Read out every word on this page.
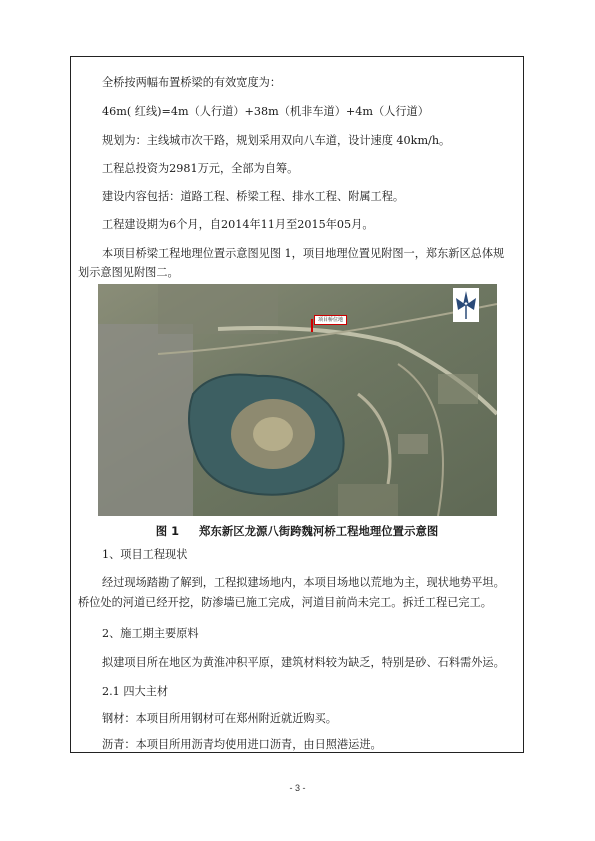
全桥按两幅布置桥梁的有效宽度为：
46m( 红线)=4m（人行道）+38m（机非车道）+4m（人行道）
规划为：主线城市次干路，规划采用双向八车道，设计速度 40km/h。
工程总投资为2981万元，全部为自筹。
建设内容包括：道路工程、桥梁工程、排水工程、附属工程。
工程建设期为6个月，自2014年11月至2015年05月。
本项目桥梁工程地理位置示意图见图 1，项目地理位置见附图一，郑东新区总体规
划示意图见附图二。
项目桥位地
图 1 郑东新区龙源八街跨魏河桥工程地理位置示意图
1、项目工程现状
经过现场踏勘了解到，工程拟建场地内，本项目场地以荒地为主，现状地势平坦。
桥位处的河道已经开挖，防渗墙已施工完成，河道目前尚未完工。拆迁工程已完工。
2、施工期主要原料
拟建项目所在地区为黄淮冲积平原，建筑材料较为缺乏，特别是砂、石料需外运。
2.1 四大主材
钢材：本项目所用钢材可在郑州附近就近购买。
沥青：本项目所用沥青均使用进口沥青，由日照港运进。
- 3 -
